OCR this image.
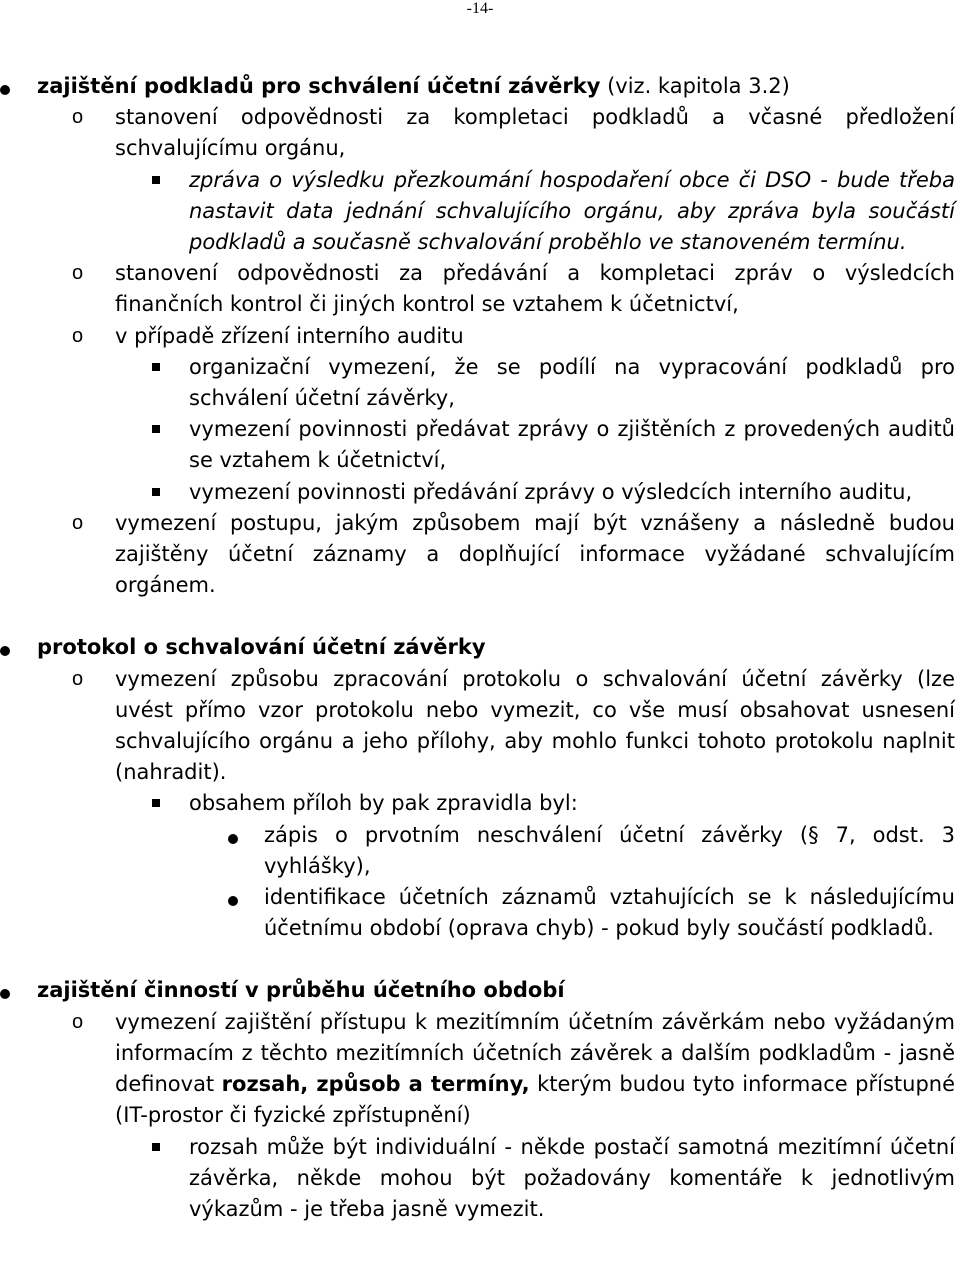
-14-
zajištění podkladů pro schválení účetní závěrky (viz. kapitola 3.2)
o stanovení odpovědnosti za kompletaci podkladů a včasné předložení schvalujícímu orgánu,
zpráva o výsledku přezkoumání hospodaření obce či DSO - bude třeba nastavit data jednání schvalujícího orgánu, aby zpráva byla součástí podkladů a současně schvalování proběhlo ve stanoveném termínu.
o stanovení odpovědnosti za předávání a kompletaci zpráv o výsledcích finančních kontrol či jiných kontrol se vztahem k účetnictví,
o v případě zřízení interního auditu
organizační vymezení, že se podílí na vypracování podkladů pro schválení účetní závěrky,
vymezení povinnosti předávat zprávy o zjištěních z provedených auditů se vztahem k účetnictví,
vymezení povinnosti předávání zprávy o výsledcích interního auditu,
o vymezení postupu, jakým způsobem mají být vznášeny a následně budou zajištěny účetní záznamy a doplňující informace vyžádané schvalujícím orgánem.
protokol o schvalování účetní závěrky
o vymezení způsobu zpracování protokolu o schvalování účetní závěrky (lze uvést přímo vzor protokolu nebo vymezit, co vše musí obsahovat usnesení schvalujícího orgánu a jeho přílohy, aby mohlo funkci tohoto protokolu naplnit (nahradit).
obsahem příloh by pak zpravidla byl:
zápis o prvotním neschválení účetní závěrky (§ 7, odst. 3 vyhlášky),
identifikace účetních záznamů vztahujících se k následujícímu účetnímu období (oprava chyb) - pokud byly součástí podkladů.
zajištění činností v průběhu účetního období
o vymezení zajištění přístupu k mezitímním účetním závěrkám nebo vyžádaným informacím z těchto mezitímních účetních závěrek a dalším podkladům - jasně definovat rozsah, způsob a termíny, kterým budou tyto informace přístupné (IT-prostor či fyzické zpřístupnění)
rozsah může být individuální - někde postačí samotná mezitímní účetní závěrka, někde mohou být požadovány komentáře k jednotlivým výkazům - je třeba jasně vymezit.
